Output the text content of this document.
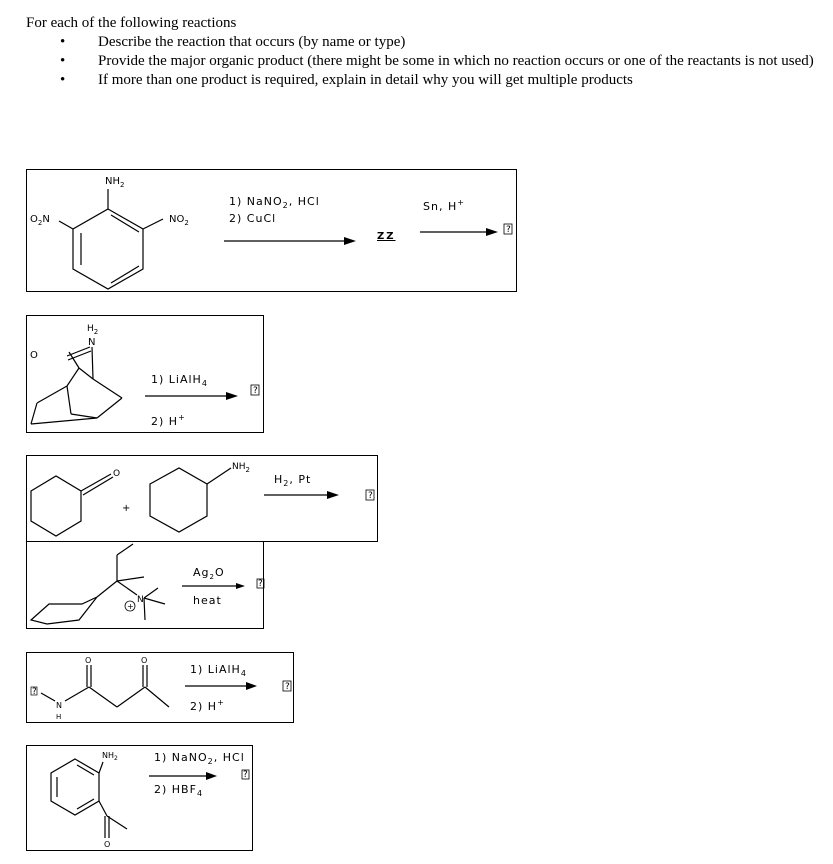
For each of the following reactions
• Describe the reaction that occurs (by name or type)
• Provide the major organic product (there might be some in which no reaction occurs or one of the reactants is not used)
• If more than one product is required, explain in detail why you will get multiple products
$NH_2$
$O_2N$	$NO_2$
1) NaNO$_2$, HCl
2) CuCl
ZZ
Sn, H+
?
O
$H_2$
N
1) LiAlH$_4$
2) H+
?
O
+
$NH_2$
$H_2$, Pt
?
N
+
$Ag_2O$
heat
?
?
O	O
N
H
1) LiAlH$_4$
2) H+
?
$NH_2$
O
1) NaNO$_2$, HCl
2) $HBF_4$
?
